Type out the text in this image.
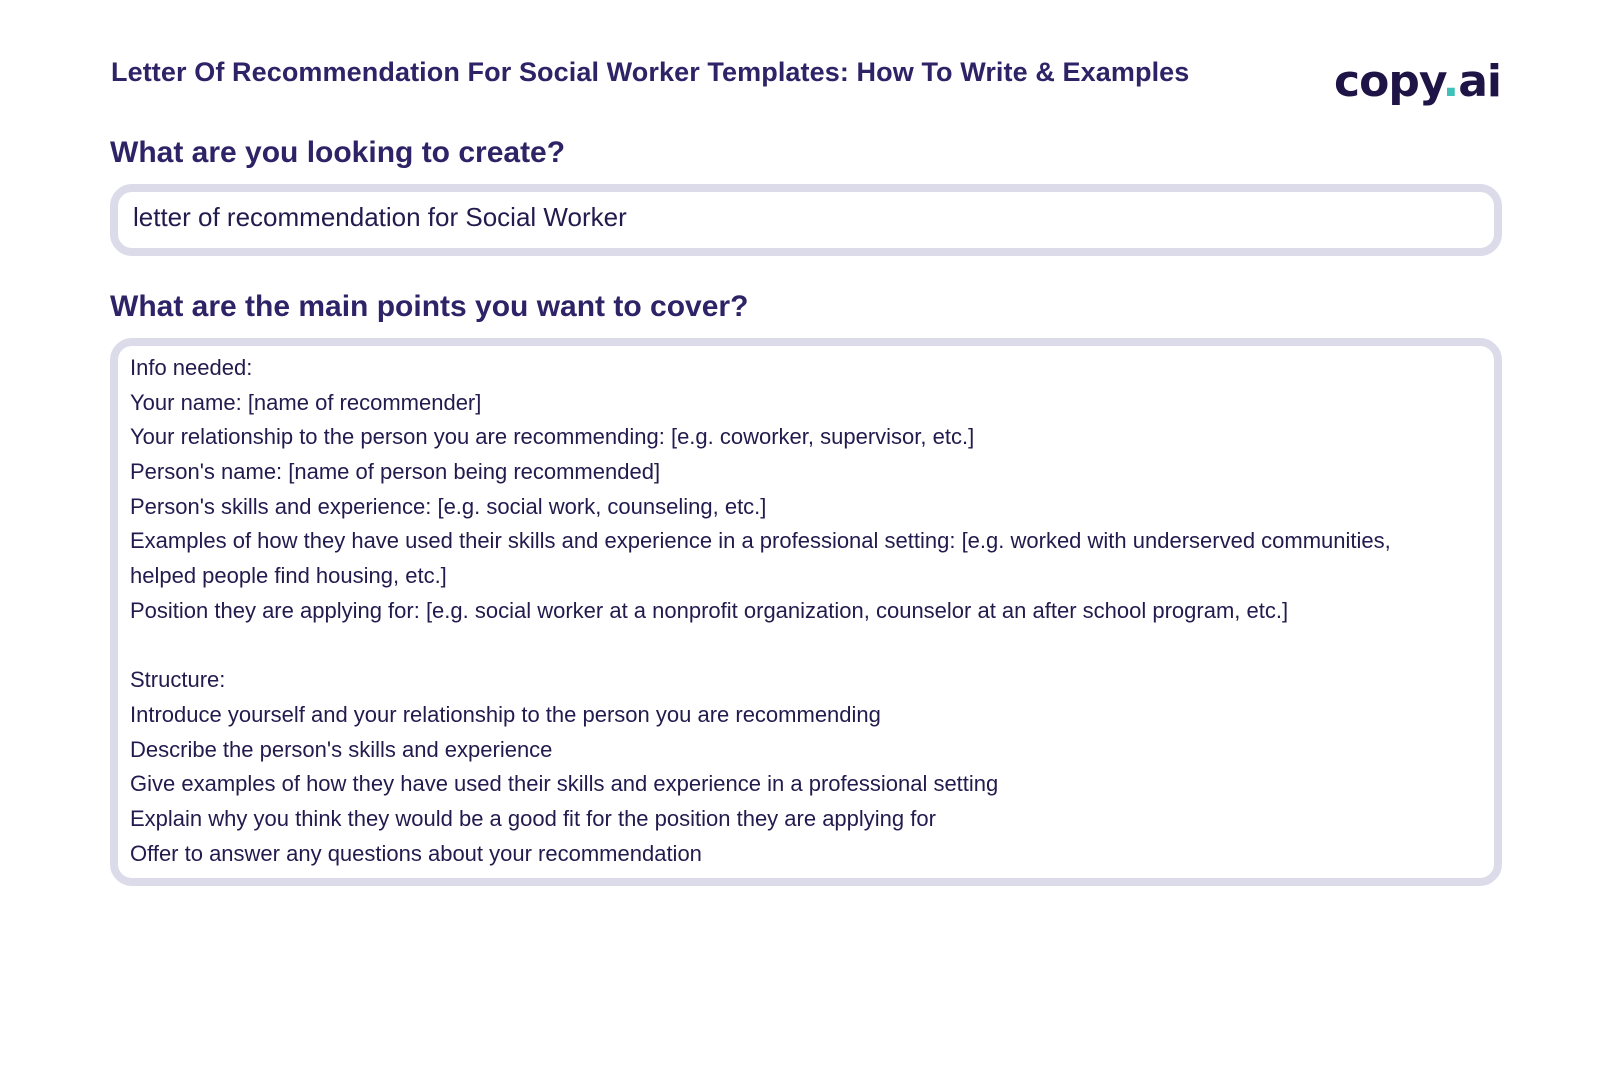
Letter Of Recommendation For Social Worker Templates: How To Write & Examples	copy.ai
What are you looking to create?
letter of recommendation for Social Worker
What are the main points you want to cover?
Info needed:
Your name: [name of recommender]
Your relationship to the person you are recommending: [e.g. coworker, supervisor, etc.]
Person's name: [name of person being recommended]
Person's skills and experience: [e.g. social work, counseling, etc.]
Examples of how they have used their skills and experience in a professional setting: [e.g. worked with underserved communities,
helped people find housing, etc.]
Position they are applying for: [e.g. social worker at a nonprofit organization, counselor at an after school program, etc.]
Structure:
Introduce yourself and your relationship to the person you are recommending
Describe the person's skills and experience
Give examples of how they have used their skills and experience in a professional setting
Explain why you think they would be a good fit for the position they are applying for
Offer to answer any questions about your recommendation
